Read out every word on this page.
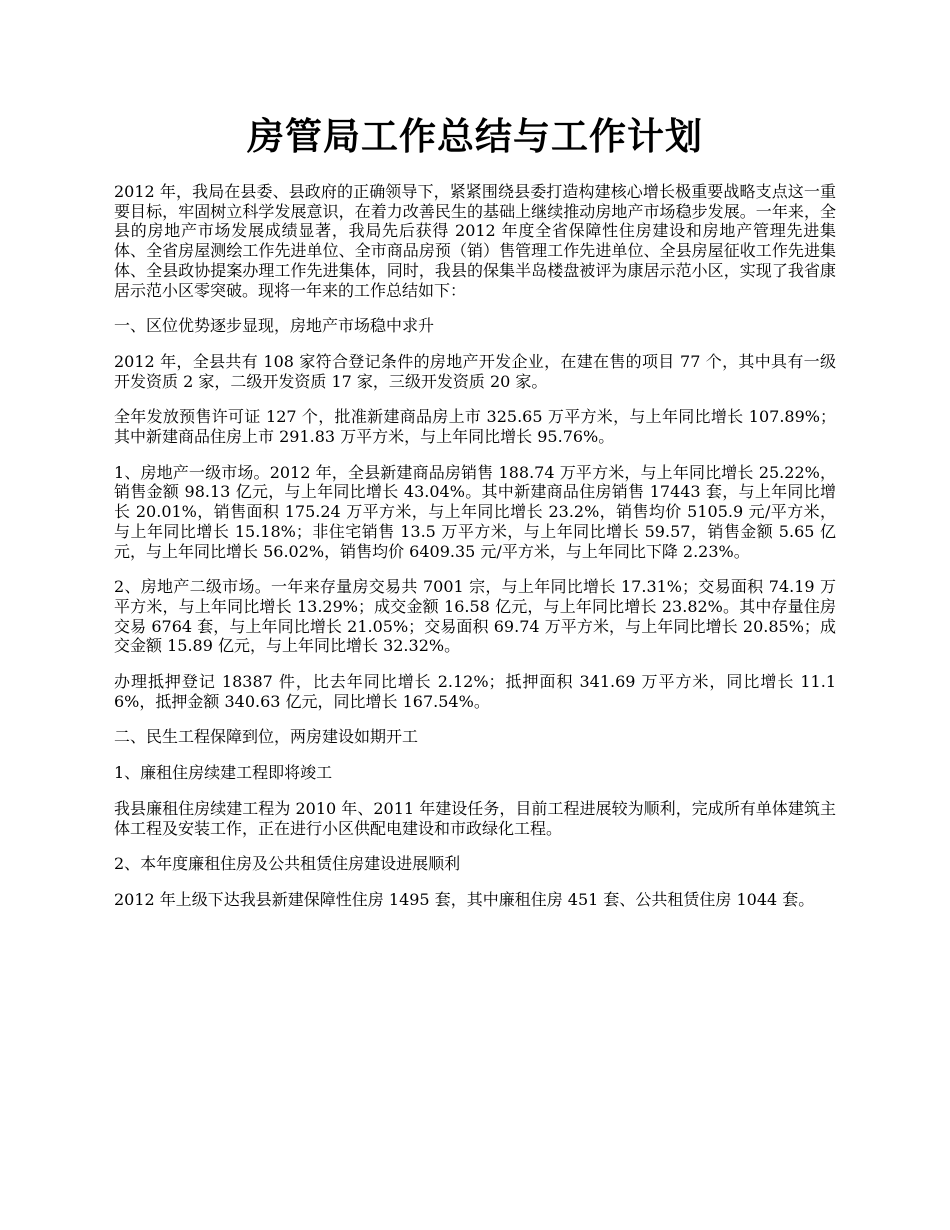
房管局工作总结与工作计划

2012 年，我局在县委、县政府的正确领导下，紧紧围绕县委打造构建核心增长极重要战略支点这一重要目标，牢固树立科学发展意识，在着力改善民生的基础上继续推动房地产市场稳步发展。一年来，全县的房地产市场发展成绩显著，我局先后获得 2012 年度全省保障性住房建设和房地产管理先进集体、全省房屋测绘工作先进单位、全市商品房预（销）售管理工作先进单位、全县房屋征收工作先进集体、全县政协提案办理工作先进集体，同时，我县的保集半岛楼盘被评为康居示范小区，实现了我省康居示范小区零突破。现将一年来的工作总结如下：

一、区位优势逐步显现，房地产市场稳中求升

2012 年，全县共有 108 家符合登记条件的房地产开发企业，在建在售的项目 77 个，其中具有一级开发资质 2 家，二级开发资质 17 家，三级开发资质 20 家。

全年发放预售许可证 127 个，批准新建商品房上市 325.65 万平方米，与上年同比增长 107.89%；其中新建商品住房上市 291.83 万平方米，与上年同比增长 95.76%。

1、房地产一级市场。2012 年，全县新建商品房销售 188.74 万平方米，与上年同比增长 25.22%，销售金额 98.13 亿元，与上年同比增长 43.04%。其中新建商品住房销售 17443 套，与上年同比增长 20.01%，销售面积 175.24 万平方米，与上年同比增长 23.2%，销售均价 5105.9 元/平方米，与上年同比增长 15.18%；非住宅销售 13.5 万平方米，与上年同比增长 59.57，销售金额 5.65 亿元，与上年同比增长 56.02%，销售均价 6409.35 元/平方米，与上年同比下降 2.23%。

2、房地产二级市场。一年来存量房交易共 7001 宗，与上年同比增长 17.31%；交易面积 74.19 万平方米，与上年同比增长 13.29%；成交金额 16.58 亿元，与上年同比增长 23.82%。其中存量住房交易 6764 套，与上年同比增长 21.05%；交易面积 69.74 万平方米，与上年同比增长 20.85%；成交金额 15.89 亿元，与上年同比增长 32.32%。

办理抵押登记 18387 件，比去年同比增长 2.12%；抵押面积 341.69 万平方米，同比增长 11.16%，抵押金额 340.63 亿元，同比增长 167.54%。

二、民生工程保障到位，两房建设如期开工

1、廉租住房续建工程即将竣工

我县廉租住房续建工程为 2010 年、2011 年建设任务，目前工程进展较为顺利，完成所有单体建筑主体工程及安装工作，正在进行小区供配电建设和市政绿化工程。

2、本年度廉租住房及公共租赁住房建设进展顺利

2012 年上级下达我县新建保障性住房 1495 套，其中廉租住房 451 套、公共租赁住房 1044 套。
